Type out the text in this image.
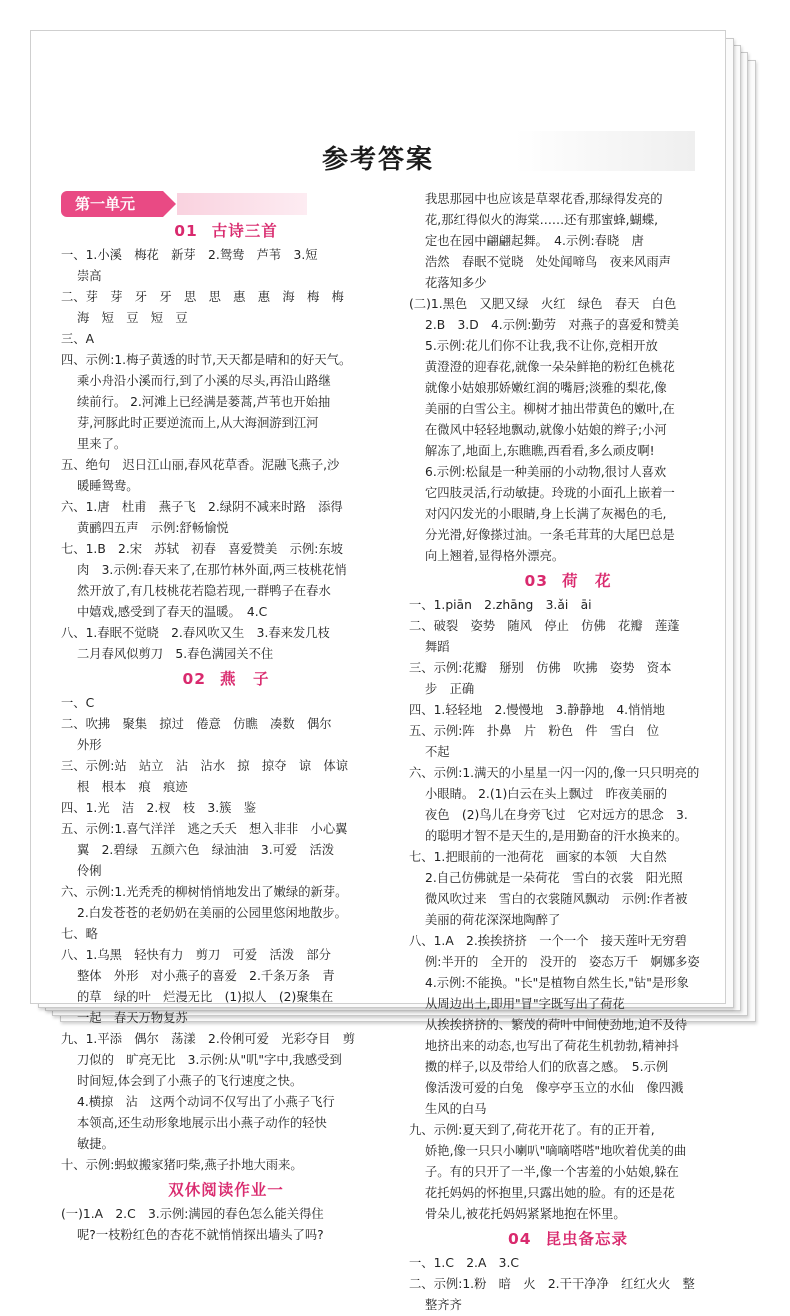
参考答案
第一单元
01 古诗三首
一、1.小溪　梅花　新芽　2.鸳鸯　芦苇　3.短
崇高
二、芽　芽　牙　牙　思　思　惠　惠　海　梅　梅
海　短　豆　短　豆
三、A
四、示例:1.梅子黄透的时节,天天都是晴和的好天气。
乘小舟沿小溪而行,到了小溪的尽头,再沿山路继
续前行。 2.河滩上已经满是蒌蒿,芦苇也开始抽
芽,河豚此时正要逆流而上,从大海洄游到江河
里来了。
五、绝句　迟日江山丽,春风花草香。泥融飞燕子,沙
暖睡鸳鸯。
六、1.唐　杜甫　燕子飞　2.绿阴不减来时路　添得
黄鹂四五声　示例:舒畅愉悦
七、1.B　2.宋　苏轼　初春　喜爱赞美　示例:东坡
肉　3.示例:春天来了,在那竹林外面,两三枝桃花悄
然开放了,有几枝桃花若隐若现,一群鸭子在春水
中嬉戏,感受到了春天的温暖。　4.C
八、1.春眠不觉晓　2.春风吹又生　3.春来发几枝
二月春风似剪刀　5.春色满园关不住
02 燕　子
一、C
二、吹拂　聚集　掠过　倦意　仿瞧　凑数　偶尔
外形
三、示例:站　站立　沾　沾水　掠　掠夺　谅　体谅
根　根本　痕　痕迹
四、1.光　洁　2.杈　枝　3.簇　鉴
五、示例:1.喜气洋洋　逃之夭夭　想入非非　小心翼
翼　2.碧绿　五颜六色　绿油油　3.可爱　活泼
伶俐
六、示例:1.光秃秃的柳树悄悄地发出了嫩绿的新芽。
2.白发苍苍的老奶奶在美丽的公园里悠闲地散步。
七、略
八、1.乌黑　轻快有力　剪刀　可爱　活泼　部分
整体　外形　对小燕子的喜爱　2.千条万条　青
的草　绿的叶　烂漫无比　(1)拟人　(2)聚集在
一起　春天万物复苏
九、1.平添　偶尔　荡漾　2.伶俐可爱　光彩夺目　剪
刀似的　旷亮无比　3.示例:从"叽"字中,我感受到
时间短,体会到了小燕子的飞行速度之快。
4.横掠　沾　这两个动词不仅写出了小燕子飞行
本领高,还生动形象地展示出小燕子动作的轻快
敏捷。
十、示例:蚂蚁搬家猪叼柴,燕子扑地大雨来。
双休阅读作业一
(一)1.A　2.C　3.示例:满园的春色怎么能关得住
呢?一枝粉红色的杏花不就悄悄探出墙头了吗?
我思那园中也应该是草翠花香,那绿得发亮的
花,那红得似火的海棠……还有那蜜蜂,蝴蝶,
定也在园中翩翩起舞。　4.示例:春晓　唐
浩然　春眠不觉晓　处处闻啼鸟　夜来风雨声
花落知多少
(二)1.黑色　又肥又绿　火红　绿色　春天　白色
2.B　3.D　4.示例:勤劳　对燕子的喜爱和赞美
5.示例:花儿们你不让我,我不让你,竞相开放
黄澄澄的迎春花,就像一朵朵鲜艳的粉红色桃花
就像小姑娘那娇嫩红润的嘴唇;淡雅的梨花,像
美丽的白雪公主。柳树才抽出带黄色的嫩叶,在
在微风中轻轻地飘动,就像小姑娘的辫子;小河
解冻了,地面上,东瞧瞧,西看看,多么顽皮啊!
6.示例:松鼠是一种美丽的小动物,很讨人喜欢
它四肢灵活,行动敏捷。玲珑的小面孔上嵌着一
对闪闪发光的小眼睛,身上长满了灰褐色的毛,
分光滑,好像搽过油。一条毛茸茸的大尾巴总是
向上翘着,显得格外漂亮。
03 荷　花
一、1.piān　2.zhāng　3.ǎi　āi
二、破裂　姿势　随风　停止　仿佛　花瓣　莲蓬
舞蹈
三、示例:花瓣　掰别　仿佛　吹拂　姿势　资本
步　正确
四、1.轻轻地　2.慢慢地　3.静静地　4.悄悄地
五、示例:阵　扑鼻　片　粉色　件　雪白　位
不起
六、示例:1.满天的小星星一闪一闪的,像一只只明亮的
小眼睛。 2.(1)白云在头上飘过　昨夜美丽的
夜色　(2)鸟儿在身旁飞过　它对远方的思念　3.
的聪明才智不是天生的,是用勤奋的汗水换来的。
七、1.把眼前的一池荷花　画家的本领　大自然
2.自己仿佛就是一朵荷花　雪白的衣裳　阳光照
微风吹过来　雪白的衣裳随风飘动　示例:作者被
美丽的荷花深深地陶醉了
八、1.A　2.挨挨挤挤　一个一个　接天莲叶无穷碧
例:半开的　全开的　没开的　姿态万千　婀娜多姿
4.示例:不能换。"长"是植物自然生长,"钻"是形象
从周边出土,即用"冒"字既写出了荷花
从挨挨挤挤的、繁茂的荷叶中间使劲地,迫不及待
地挤出来的动态,也写出了荷花生机勃勃,精神抖
擞的样子,以及带给人们的欣喜之感。　5.示例
像活泼可爱的白兔　像亭亭玉立的水仙　像四溅
生风的白马
九、示例:夏天到了,荷花开花了。有的正开着,
娇艳,像一只只小喇叭"嘀嘀嗒嗒"地吹着优美的曲
子。有的只开了一半,像一个害羞的小姑娘,躲在
花托妈妈的怀抱里,只露出她的脸。有的还是花
骨朵儿,被花托妈妈紧紧地抱在怀里。
04 昆虫备忘录
一、1.C　2.A　3.C
二、示例:1.粉　暗　火　2.干干净净　红红火火　整
整齐齐
